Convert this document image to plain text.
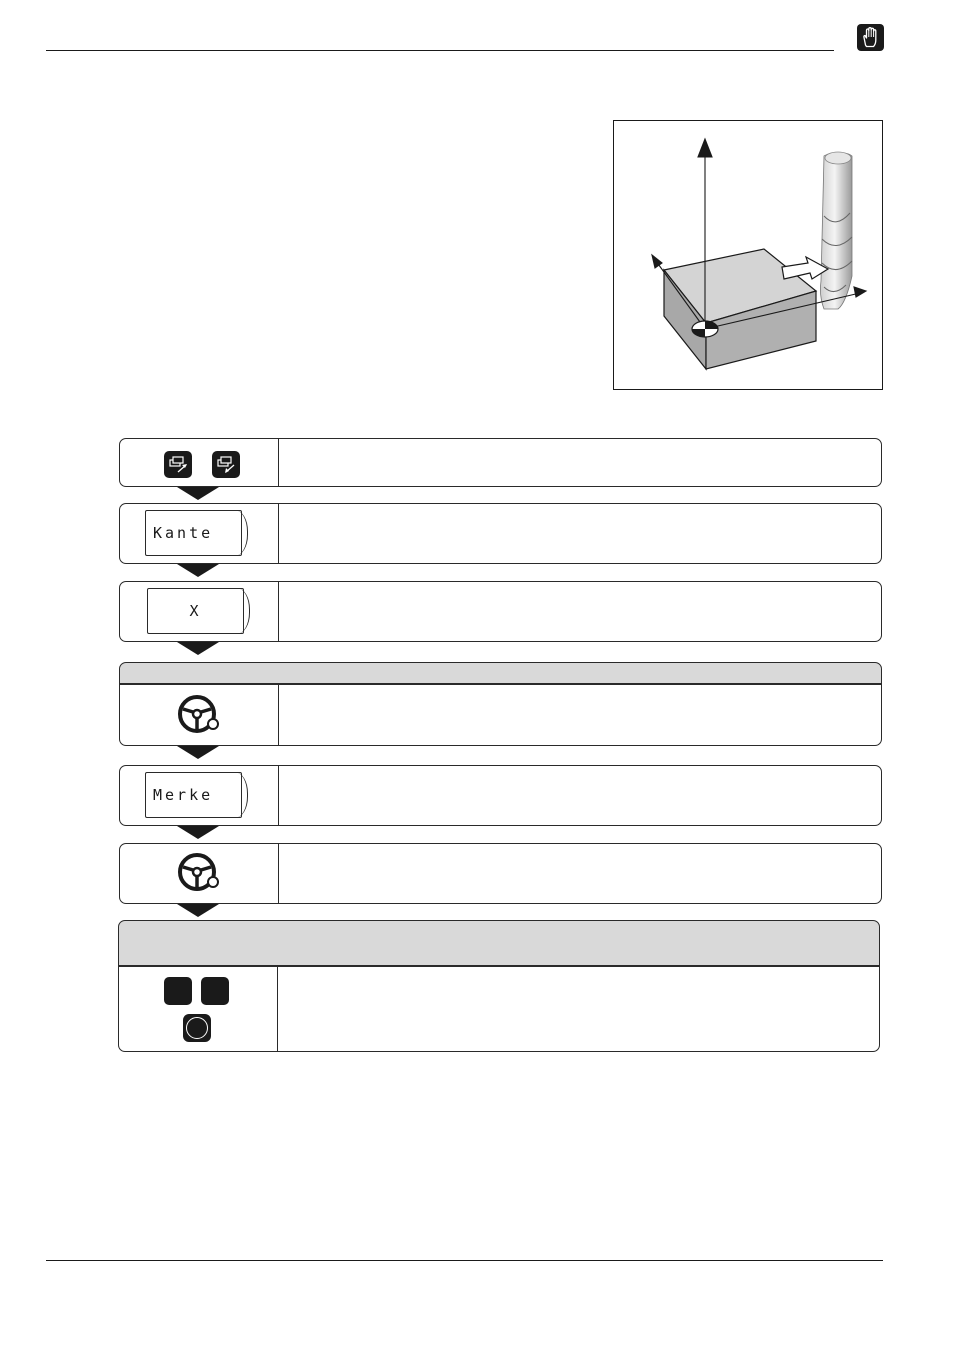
Kante
X
Merke
